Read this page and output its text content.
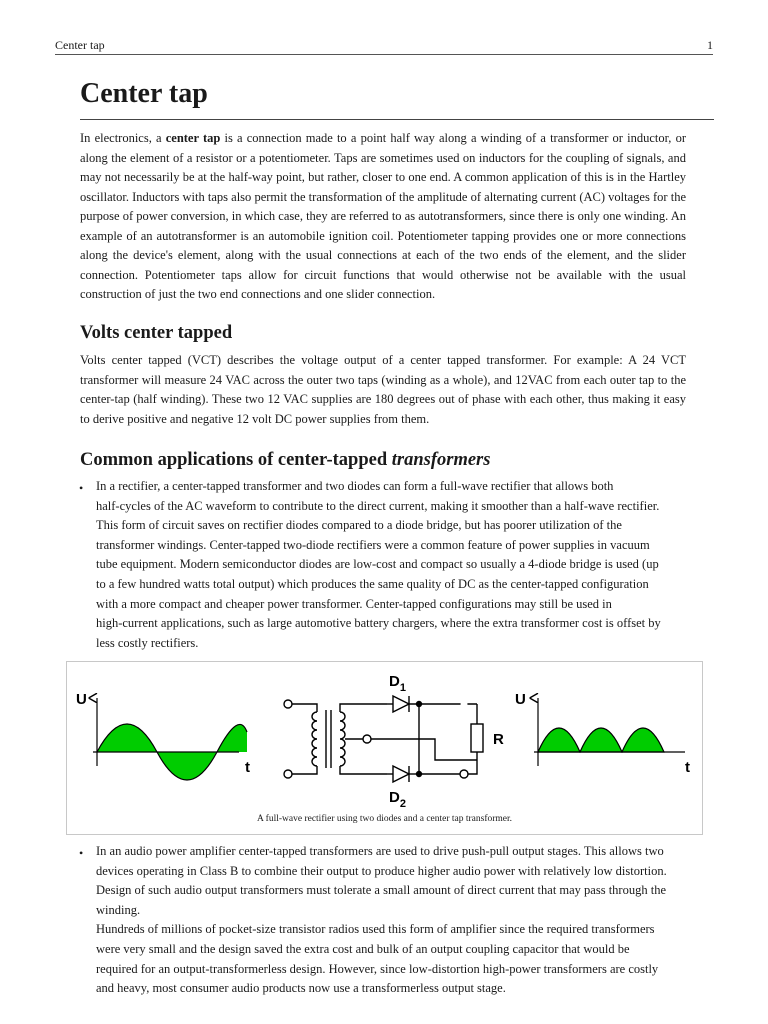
Center tap	1
Center tap

In electronics, a center tap is a connection made to a point half way along a winding of a transformer or inductor, or along the element of a resistor or a potentiometer. Taps are sometimes used on inductors for the coupling of signals, and may not necessarily be at the half-way point, but rather, closer to one end. A common application of this is in the Hartley oscillator. Inductors with taps also permit the transformation of the amplitude of alternating current (AC) voltages for the purpose of power conversion, in which case, they are referred to as autotransformers, since there is only one winding. An example of an autotransformer is an automobile ignition coil. Potentiometer tapping provides one or more connections along the device's element, along with the usual connections at each of the two ends of the element, and the slider connection. Potentiometer taps allow for circuit functions that would otherwise not be available with the usual construction of just the two end connections and one slider connection.

Volts center tapped

Volts center tapped (VCT) describes the voltage output of a center tapped transformer. For example: A 24 VCT transformer will measure 24 VAC across the outer two taps (winding as a whole), and 12VAC from each outer tap to the center-tap (half winding). These two 12 VAC supplies are 180 degrees out of phase with each other, thus making it easy to derive positive and negative 12 volt DC power supplies from them.

Common applications of center-tapped transformers
• In a rectifier, a center-tapped transformer and two diodes can form a full-wave rectifier that allows both
half-cycles of the AC waveform to contribute to the direct current, making it smoother than a half-wave rectifier.
This form of circuit saves on rectifier diodes compared to a diode bridge, but has poorer utilization of the
transformer windings. Center-tapped two-diode rectifiers were a common feature of power supplies in vacuum
tube equipment. Modern semiconductor diodes are low-cost and compact so usually a 4-diode bridge is used (up
to a few hundred watts total output) which produces the same quality of DC as the center-tapped configuration
with a more compact and cheaper power transformer. Center-tapped configurations may still be used in
high-current applications, such as large automotive battery chargers, where the extra transformer cost is offset by
less costly rectifiers.
U
t
$D_1$
$D_2$
R
U
t
A full-wave rectifier using two diodes and a center tap transformer.
• In an audio power amplifier center-tapped transformers are used to drive push-pull output stages. This allows two
devices operating in Class B to combine their output to produce higher audio power with relatively low distortion.
Design of such audio output transformers must tolerate a small amount of direct current that may pass through the
winding.
Hundreds of millions of pocket-size transistor radios used this form of amplifier since the required transformers
were very small and the design saved the extra cost and bulk of an output coupling capacitor that would be
required for an output-transformerless design. However, since low-distortion high-power transformers are costly
and heavy, most consumer audio products now use a transformerless output stage.
